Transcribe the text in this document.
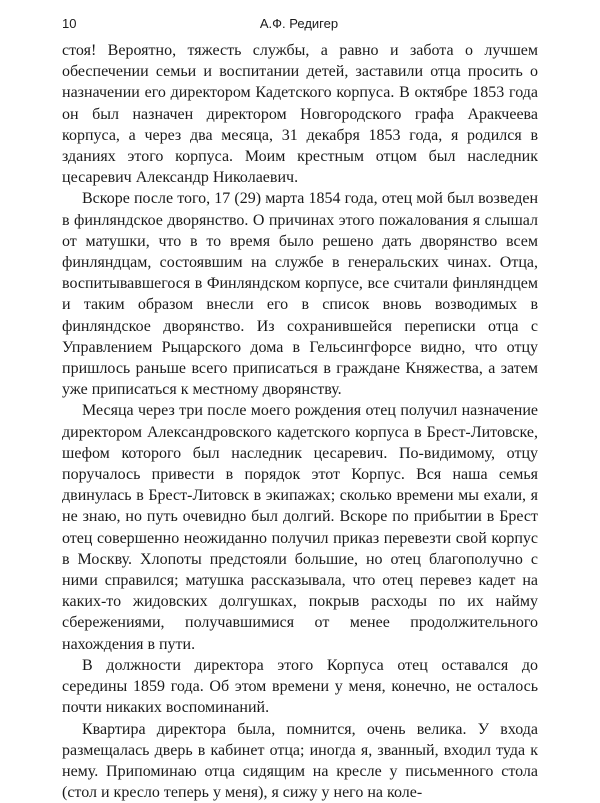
10	А.Ф. Редигер

стоя! Вероятно, тяжесть службы, а равно и забота о лучшем обеспечении семьи и воспитании детей, заставили отца просить о назначении его директором Кадетского корпуса. В октябре 1853 года он был назначен директором Новгородского графа Аракчеева корпуса, а через два месяца, 31 декабря 1853 года, я родился в зданиях этого корпуса. Моим крестным отцом был наследник цесаревич Александр Николаевич.

Вскоре после того, 17 (29) марта 1854 года, отец мой был возведен в финляндское дворянство. О причинах этого пожалования я слышал от матушки, что в то время было решено дать дворянство всем финляндцам, состоявшим на службе в генеральских чинах. Отца, воспитывавшегося в Финляндском корпусе, все считали финляндцем и таким образом внесли его в список вновь возводимых в финляндское дворянство. Из сохранившейся переписки отца с Управлением Рыцарского дома в Гельсингфорсе видно, что отцу пришлось раньше всего приписаться в граждане Княжества, а затем уже приписаться к местному дворянству.

Месяца через три после моего рождения отец получил назначение директором Александровского кадетского корпуса в Брест-Литовске, шефом которого был наследник цесаревич. По-видимому, отцу поручалось привести в порядок этот Корпус. Вся наша семья двинулась в Брест-Литовск в экипажах; сколько времени мы ехали, я не знаю, но путь очевидно был долгий. Вскоре по прибытии в Брест отец совершенно неожиданно получил приказ перевезти свой корпус в Москву. Хлопоты предстояли большие, но отец благополучно с ними справился; матушка рассказывала, что отец перевез кадет на каких-то жидовских долгушках, покрыв расходы по их найму сбережениями, получавшимися от менее продолжительного нахождения в пути.

В должности директора этого Корпуса отец оставался до середины 1859 года. Об этом времени у меня, конечно, не осталось почти никаких воспоминаний.

Квартира директора была, помнится, очень велика. У входа размещалась дверь в кабинет отца; иногда я, званный, входил туда к нему. Припоминаю отца сидящим на кресле у письменного стола (стол и кресло теперь у меня), я сижу у него на коле-
